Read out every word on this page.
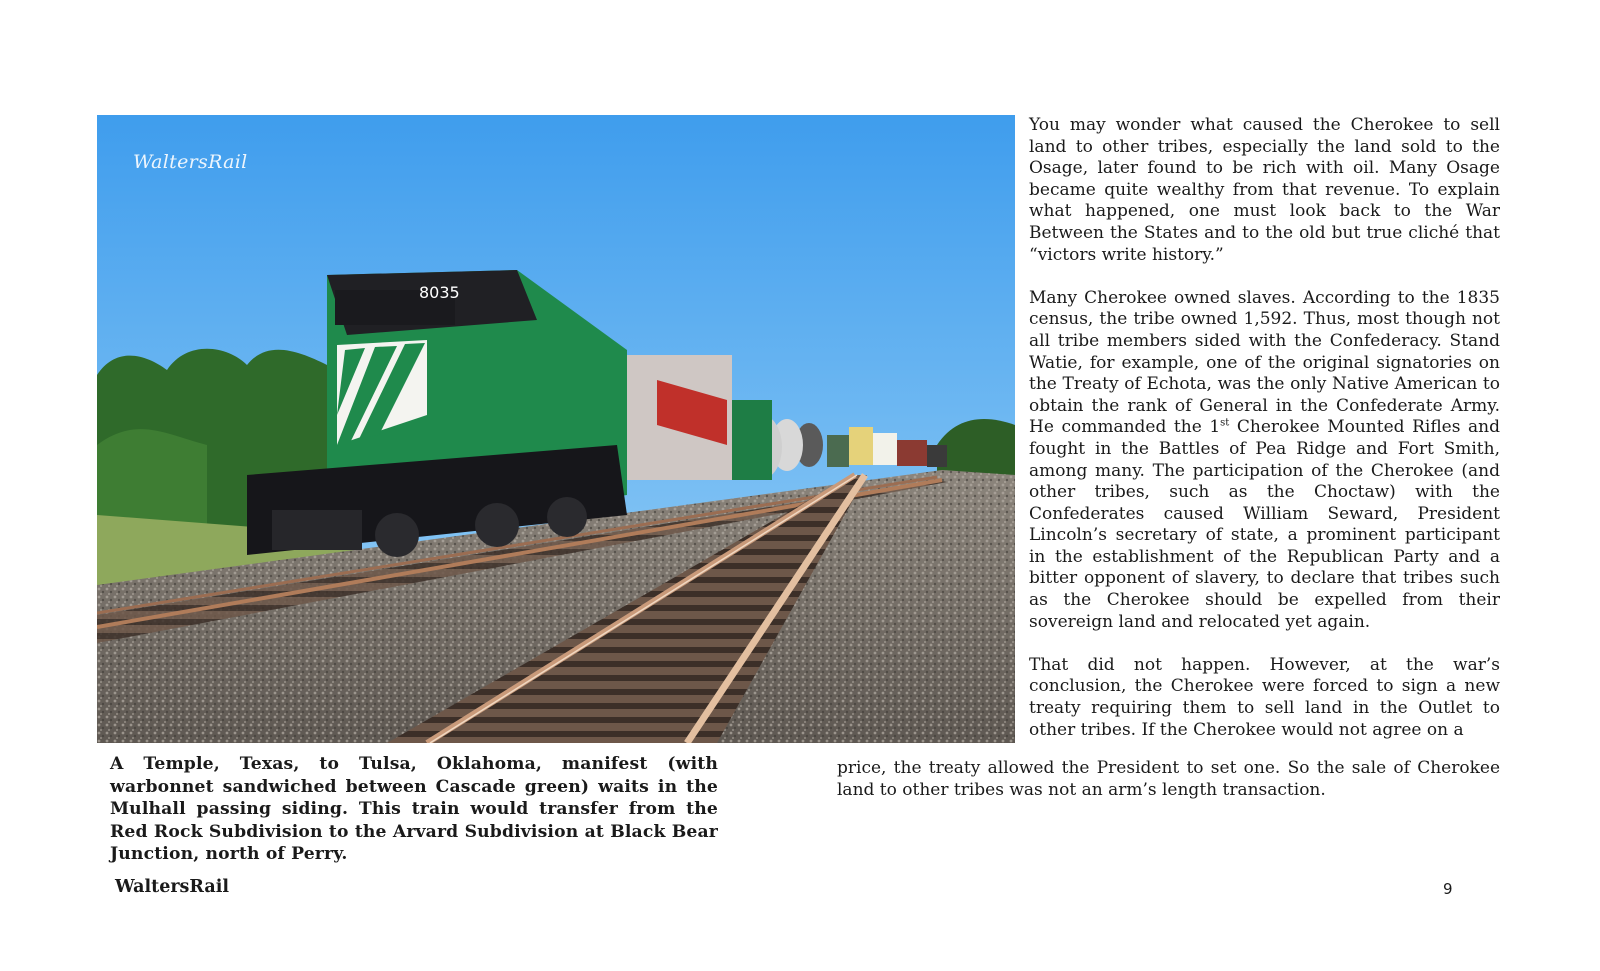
8035
WaltersRail

You may wonder what caused the Cherokee to sell land to other tribes, especially the land sold to the Osage, later found to be rich with oil. Many Osage became quite wealthy from that revenue. To explain what happened, one must look back to the War Between the States and to the old but true cliché that “victors write history.”

Many Cherokee owned slaves. According to the 1835 census, the tribe owned 1,592. Thus, most though not all tribe members sided with the Confederacy. Stand Watie, for example, one of the original signatories on the Treaty of Echota, was the only Native American to obtain the rank of General in the Confederate Army. He commanded the 1st Cherokee Mounted Rifles and fought in the Battles of Pea Ridge and Fort Smith, among many. The participation of the Cherokee (and other tribes, such as the Choctaw) with the Confederates caused William Seward, President Lincoln’s secretary of state, a prominent participant in the establishment of the Republican Party and a bitter opponent of slavery, to declare that tribes such as the Cherokee should be expelled from their sovereign land and relocated yet again.

That did not happen. However, at the war’s conclusion, the Cherokee were forced to sign a new treaty requiring them to sell land in the Outlet to other tribes. If the Cherokee would not agree on a

price, the treaty allowed the President to set one. So the sale of Cherokee land to other tribes was not an arm’s length transaction.
A Temple, Texas, to Tulsa, Oklahoma, manifest (with warbonnet sandwiched between Cascade green) waits in the Mulhall passing siding. This train would transfer from the Red Rock Subdivision to the Arvard Subdivision at Black Bear Junction, north of Perry.
WaltersRail	9
